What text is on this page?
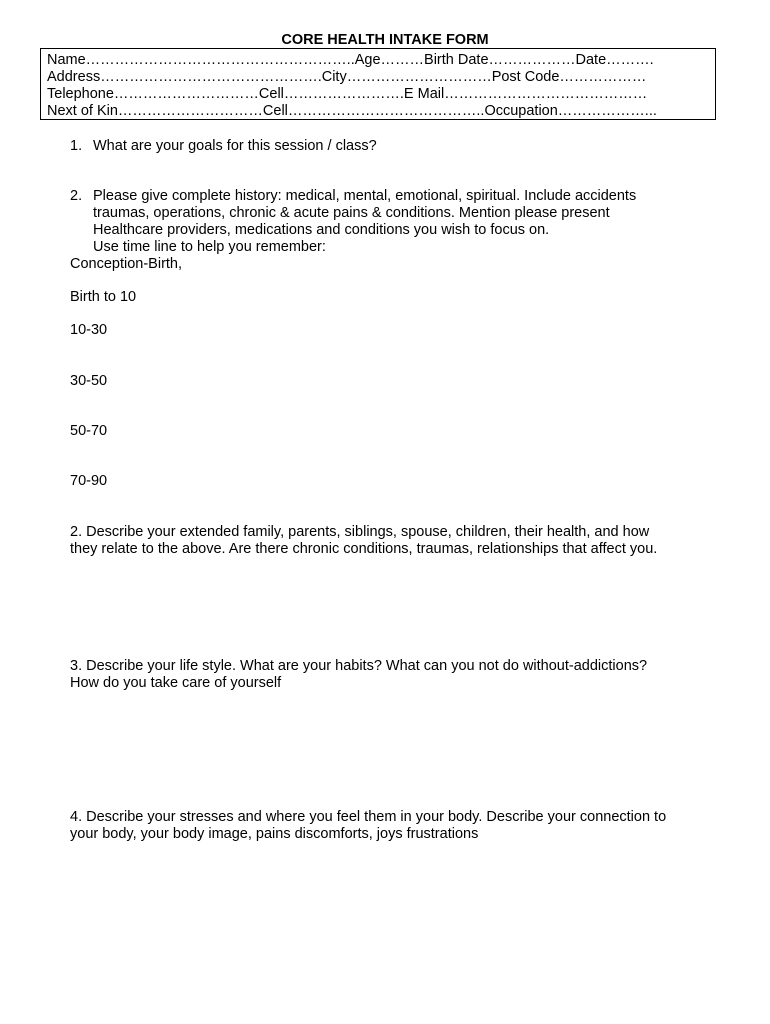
CORE HEALTH INTAKE FORM
Name………………………………………………..Age………Birth Date………………Date……….
Address……………………………………….City…………………………Post Code………………
Telephone…………………………Cell…………………….E Mail……………………………………
Next of Kin…………………………Cell…………………………………..Occupation………………...
1. What are your goals for this session / class?
2. Please give complete history: medical, mental, emotional, spiritual. Include accidents
traumas, operations, chronic & acute pains & conditions. Mention please present
Healthcare providers, medications and conditions you wish to focus on.
Use time line to help you remember:
Conception-Birth,
Birth to 10
10-30
30-50
50-70
70-90
2. Describe your extended family, parents, siblings, spouse, children, their health, and how
they relate to the above. Are there chronic conditions, traumas, relationships that affect you.
3. Describe your life style. What are your habits? What can you not do without-addictions?
How do you take care of yourself
4. Describe your stresses and where you feel them in your body. Describe your connection to
your body, your body image, pains discomforts, joys frustrations
